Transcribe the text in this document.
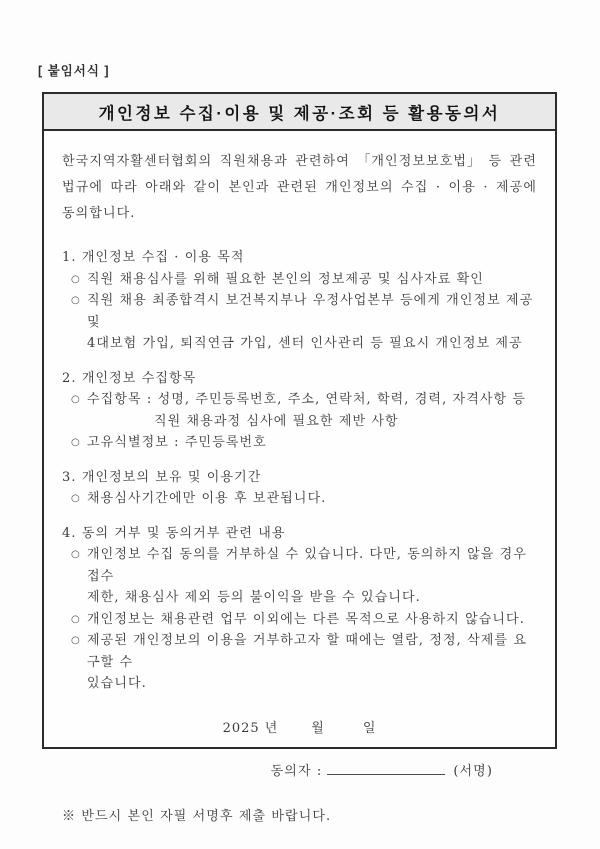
[ 붙임서식 ]
개인정보 수집·이용 및 제공·조회 등 활용동의서

한국지역자활센터협회의 직원채용과 관련하여 「개인정보보호법」 등 관련법규에 따라 아래와 같이 본인과 관련된 개인정보의 수집 · 이용 · 제공에 동의합니다.

1. 개인정보 수집 · 이용 목적
○ 직원 채용심사를 위해 필요한 본인의 정보제공 및 심사자료 확인
○ 직원 채용 최종합격시 보건복지부나 우정사업본부 등에게 개인정보 제공 및
4대보험 가입, 퇴직연금 가입, 센터 인사관리 등 필요시 개인정보 제공
2. 개인정보 수집항목
○ 수집항목 : 성명, 주민등록번호, 주소, 연락처, 학력, 경력, 자격사항 등
직원 채용과정 심사에 필요한 제반 사항
○ 고유식별정보 : 주민등록번호
3. 개인정보의 보유 및 이용기간
○ 채용심사기간에만 이용 후 보관됩니다.
4. 동의 거부 및 동의거부 관련 내용
○ 개인정보 수집 동의를 거부하실 수 있습니다. 다만, 동의하지 않을 경우 접수
제한, 채용심사 제외 등의 불이익을 받을 수 있습니다.
○ 개인정보는 채용관련 업무 이외에는 다른 목적으로 사용하지 않습니다.
○ 제공된 개인정보의 이용을 거부하고자 할 때에는 열람, 정정, 삭제를 요구할 수
있습니다.
2025 년	월	일
동의자 :	(서명)
※ 반드시 본인 자필 서명후 제출 바랍니다.
